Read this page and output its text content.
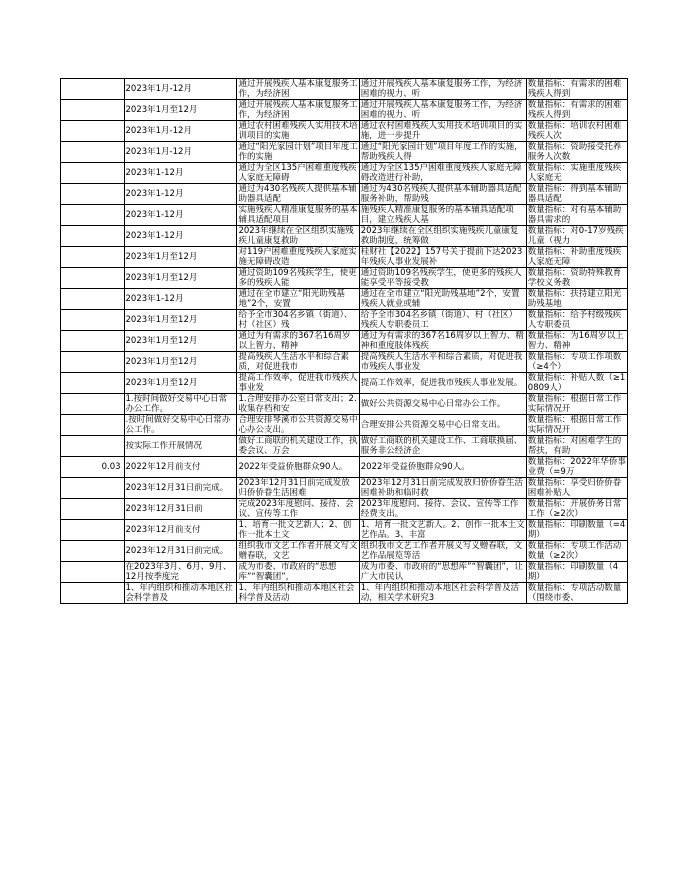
	2023年1月-12月	通过开展残疾人基本康复服务工作，为经济困	通过开展残疾人基本康复服务工作，为经济困难的视力、听	数量指标：有需求的困难残疾人得到

	2023年1月至12月	通过开展残疾人基本康复服务工作，为经济困	通过开展残疾人基本康复服务工作，为经济困难的视力、听	数量指标：有需求的困难残疾人得到

	2023年1月-12月	通过农村困难残疾人实用技术培训项目的实施	通过农村困难残疾人实用技术培训项目的实施，进一步提升	数量指标：培训农村困难残疾人次

	2023年1月-12月	通过“阳光家园计划”项目年度工作的实施	通过“阳光家园计划”项目年度工作的实施，帮助残疾人得	数量指标：资助接受托养服务人次数

	2023年1-12月	通过为全区135户困难重度残疾人家庭无障碍	通过为全区135户困难重度残疾人家庭无障碍改造进行补助，	数量指标：实施重度残疾人家庭无

	2023年1-12月	通过为430名残疾人提供基本辅助器具适配	通过为430名残疾人提供基本辅助器具适配服务补助，帮助残	数量指标：得到基本辅助器具适配

	2023年1-12月	实施残疾人精准康复服务的基本辅具适配项目	施残疾人精准康复服务的基本辅具适配项目，建立残疾人基	数量指标：对有基本辅助器具需求的

	2023年1-12月	2023年继续在全区组织实施残疾儿童康复救助	2023年继续在全区组织实施残疾儿童康复救助制度，统筹做	数量指标：对0-17岁残疾儿童（视力

	2023年1月至12月	对119户困难重度残疾人家庭实施无障碍改造	桂财社【2022】157号关于提前下达2023年残疾人事业发展补	数量指标：补助重度残疾人家庭无障

	2023年1月至12月	通过资助109名残疾学生，使更多的残疾人能	通过资助109名残疾学生，使更多的残疾人能享受平等接受教	数量指标：资助特殊教育学校义务教

	2023年1-12月	通过在全市建立“阳光助残基地”2个，安置	通过在全市建立“阳光助残基地”2个，安置残疾人就业或辅	数量指标：扶持建立阳光助残基地

	2023年1月至12月	给予全市304名乡镇（街道）、村（社区）残	给予全市304名乡镇（街道）、村（社区）残疾人专职委员工	数量指标：给予村级残疾人专职委员

	2023年1月至12月	通过为有需求的367名16周岁以上智力、精神	通过为有需求的367名16周岁以上智力、精神和重度肢体残疾	数量指标：为16周岁以上智力、精神

	2023年1月至12月	提高残疾人生活水平和综合素质，对促进我市	提高残疾人生活水平和综合素质，对促进我市残疾人事业发	数量指标：专项工作项数（≥4个）

	2023年1月至12月	提高工作效率，促进我市残疾人事业发	提高工作效率，促进我市残疾人事业发展。	数量指标：补贴人数（≥10809人）

	1.按时间做好交易中心日常办公工作。	1.合理安排办公室日常支出；2.收集存档和安	做好公共资源交易中心日常办公工作。	数量指标：根据日常工作实际情况开

	.按时间做好交易中心日常办公工作。	合理安排琴溪市公共资源交易中心办公支出。	合理安排公共资源交易中心日常支出。	数量指标：根据日常工作实际情况开

	按实际工作开展情况	做好工商联的机关建设工作，执委会议、万会	做好工商联的机关建设工作、工商联换届、服务非公经济企	数量指标：对困难学生的帮扶，有助

0.03	2022年12月前支付	2022年受益侨胞群众90人。	2022年受益侨胞群众90人。	数量指标：2022年华侨事业费（=9万

	2023年12月31日前完成。	2023年12月31日前完成发放归侨侨眷生活困难	2023年12月31日前完成发放归侨侨眷生活困难补助和临时救	数量指标：享受归侨侨眷困难补贴人

	2023年12月31日前	完成2023年度慰问、接待、会议、宣传等工作	2023年度慰问、接待、会议、宣传等工作经费支出。	数量指标：开展侨务日常工作（≥2次）

	2023年12月前支付	1、培育一批文艺新人；2、创作一批本土文	1、培育一批文艺新人。2、创作一批本土文艺作品。3、丰富	数量指标：印刷数量（=4期）

	2023年12月31日前完成。	组织我市文艺工作者开展文写文赠春联，文艺	组织我市文艺工作者开展义写义赠春联，文艺作品展览等活	数量指标：专项工作活动数量（≥2次）

	在2023年3月、6月、9月、12月按季度完	成为市委、市政府的“思想库”“智囊团”，	成为市委、市政府的“思想库”“智囊团”，让广大市民认	数量指标：印刷数量（4期）

	1、年内组织和推动本地区社会科学普及	1、年内组织和推动本地区社会科学普及活动	1、年内组织和推动本地区社会科学普及活动，相关学术研究3	数量指标：专项活动数量（围绕市委、
